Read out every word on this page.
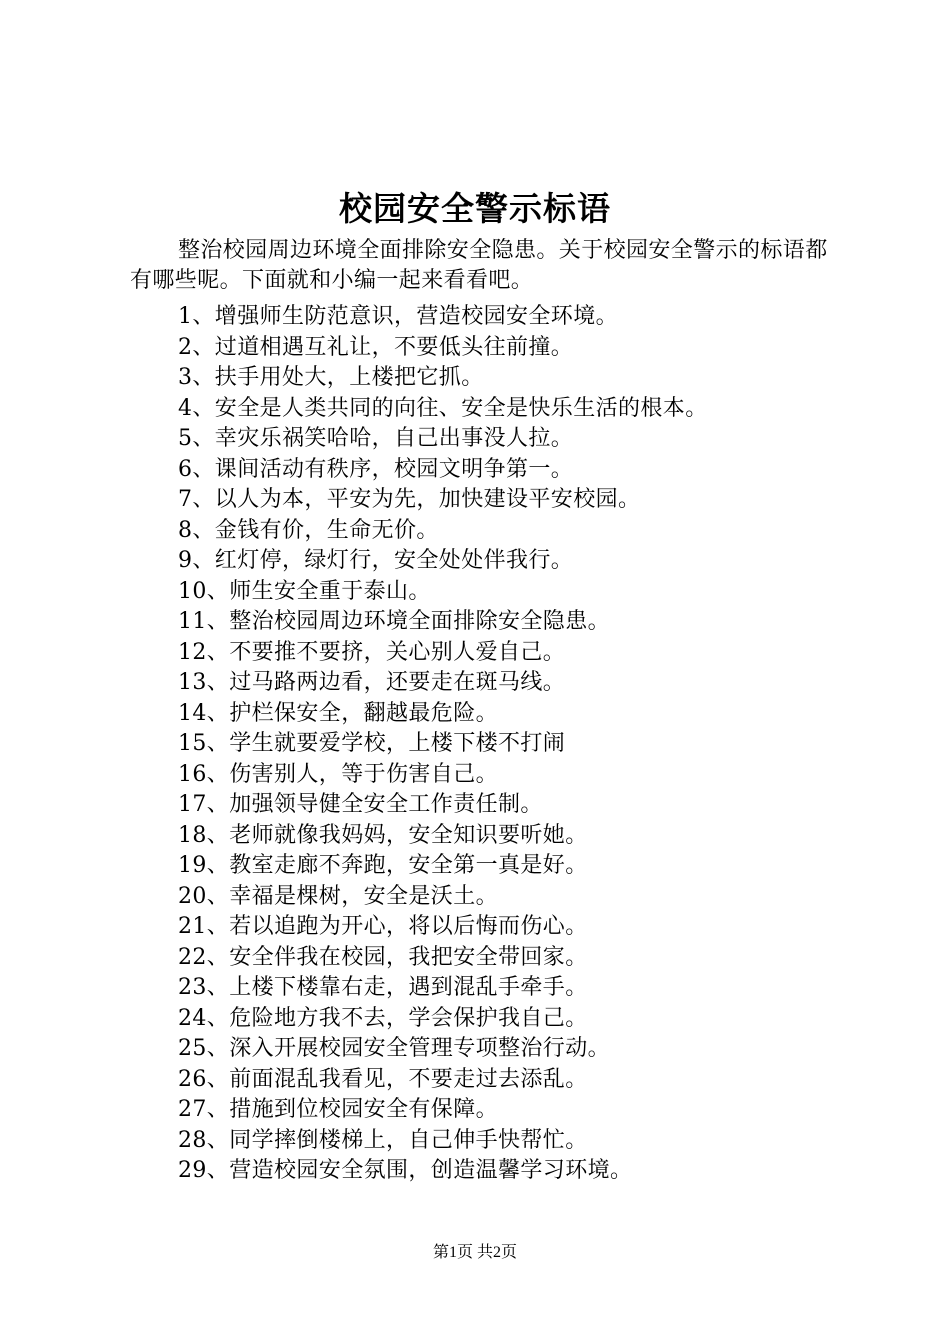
校园安全警示标语

整治校园周边环境全面排除安全隐患。关于校园安全警示的标语都有哪些呢。下面就和小编一起来看看吧。

1、增强师生防范意识，营造校园安全环境。
2、过道相遇互礼让，不要低头往前撞。
3、扶手用处大，上楼把它抓。
4、安全是人类共同的向往、安全是快乐生活的根本。
5、幸灾乐祸笑哈哈，自己出事没人拉。
6、课间活动有秩序，校园文明争第一。
7、以人为本，平安为先，加快建设平安校园。
8、金钱有价，生命无价。
9、红灯停，绿灯行，安全处处伴我行。
10、师生安全重于泰山。
11、整治校园周边环境全面排除安全隐患。
12、不要推不要挤，关心别人爱自己。
13、过马路两边看，还要走在斑马线。
14、护栏保安全，翻越最危险。
15、学生就要爱学校，上楼下楼不打闹
16、伤害别人，等于伤害自己。
17、加强领导健全安全工作责任制。
18、老师就像我妈妈，安全知识要听她。
19、教室走廊不奔跑，安全第一真是好。
20、幸福是棵树，安全是沃土。
21、若以追跑为开心，将以后悔而伤心。
22、安全伴我在校园，我把安全带回家。
23、上楼下楼靠右走，遇到混乱手牵手。
24、危险地方我不去，学会保护我自己。
25、深入开展校园安全管理专项整治行动。
26、前面混乱我看见，不要走过去添乱。
27、措施到位校园安全有保障。
28、同学摔倒楼梯上，自己伸手快帮忙。
29、营造校园安全氛围，创造温馨学习环境。
第1页 共2页
